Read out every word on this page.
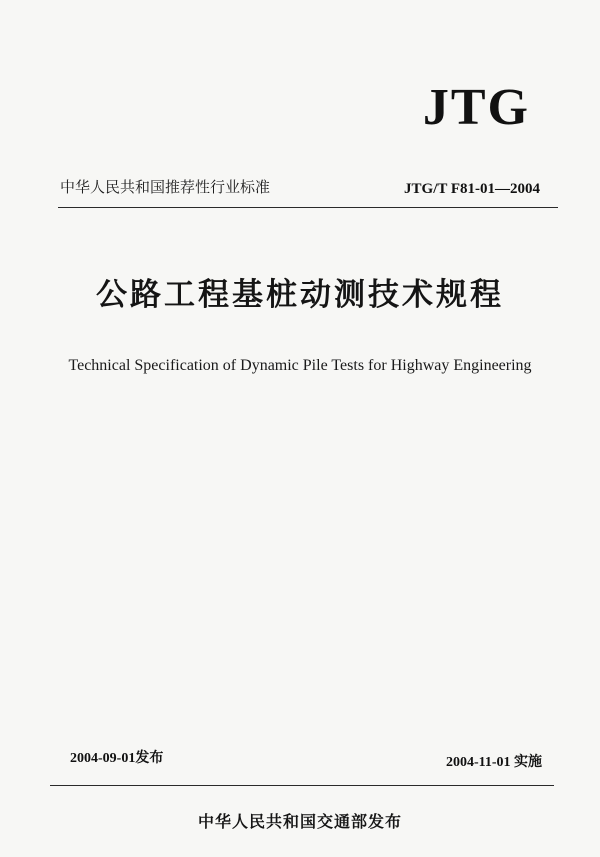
JTG
中华人民共和国推荐性行业标准	JTG/T F81-01—2004
公路工程基桩动测技术规程
Technical Specification of Dynamic Pile Tests for Highway Engineering
2004-09-01发布	2004-11-01 实施
中华人民共和国交通部发布
